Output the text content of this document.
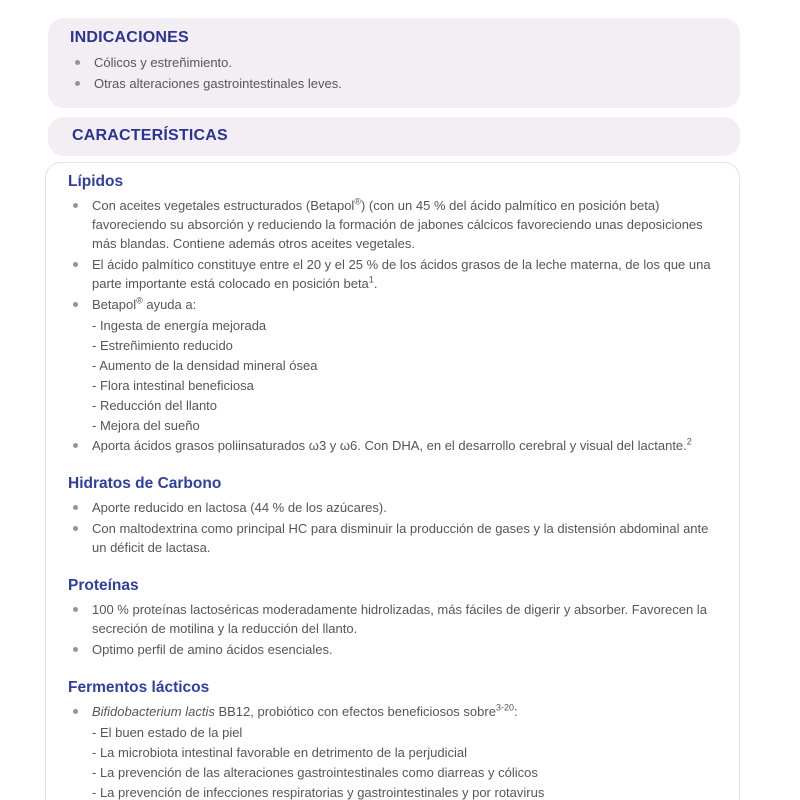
INDICACIONES
Cólicos y estreñimiento.
Otras alteraciones gastrointestinales leves.
CARACTERÍSTICAS
Lípidos
Con aceites vegetales estructurados (Betapol®) (con un 45 % del ácido palmítico en posición beta) favoreciendo su absorción y reduciendo la formación de jabones cálcicos favoreciendo unas deposiciones más blandas. Contiene además otros aceites vegetales.
El ácido palmítico constituye entre el 20 y el 25 % de los ácidos grasos de la leche materna, de los que una parte importante está colocado en posición beta$^1$.
Betapol® ayuda a:
- Ingesta de energía mejorada
- Estreñimiento reducido
- Aumento de la densidad mineral ósea
- Flora intestinal beneficiosa
- Reducción del llanto
- Mejora del sueño
Aporta ácidos grasos poliinsaturados ω3 y ω6. Con DHA, en el desarrollo cerebral y visual del lactante.$^2$
Hidratos de Carbono
Aporte reducido en lactosa (44 % de los azúcares).
Con maltodextrina como principal HC para disminuir la producción de gases y la distensión abdominal ante un déficit de lactasa.
Proteínas
100 % proteínas lactoséricas moderadamente hidrolizadas, más fáciles de digerir y absorber. Favorecen la secreción de motilina y la reducción del llanto.
Optimo perfil de amino ácidos esenciales.
Fermentos lácticos
Bifidobacterium lactis BB12, probiótico con efectos beneficiosos sobre$^{3-20}$:
- El buen estado de la piel
- La microbiota intestinal favorable en detrimento de la perjudicial
- La prevención de las alteraciones gastrointestinales como diarreas y cólicos
- La prevención de infecciones respiratorias y gastrointestinales y por rotavirus
